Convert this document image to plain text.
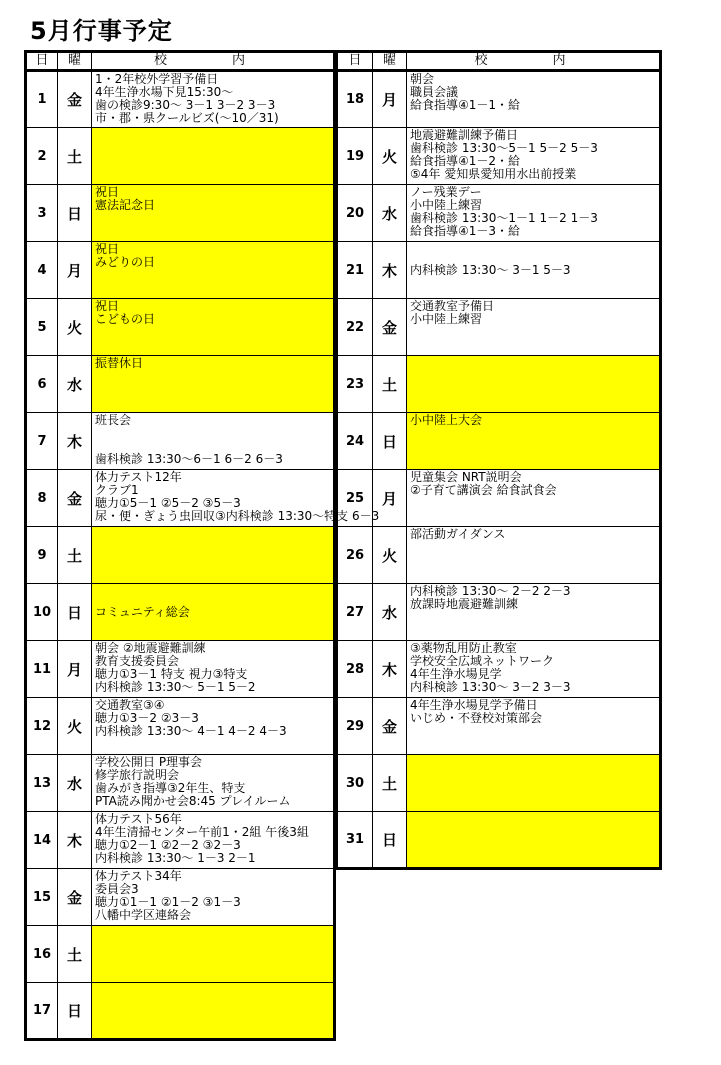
5月行事予定
日	曜	校　内
1	金	1・2年校外学習予備日
4年生浄水場下見15:30～
歯の検診9:30～ 3－1 3－2 3－3
市・郡・県クールビズ(～10／31)

2	土	
3	日	祝日
憲法記念日

4	月	祝日
みどりの日

5	火	祝日
こどもの日

6	水	振替休日

7	木	班長会
歯科検診 13:30～6－1 6－2 6－3

8	金	体力テスト12年
クラブ1
聴力①5－1 ②5－2 ③5－3
尿・便・ぎょう虫回収③内科検診 13:30～特支 6－3

9	土	
10	日	コミュニティ総会

11	月	朝会 ②地震避難訓練
教育支援委員会
聴力①3－1 特支 視力③特支
内科検診 13:30～ 5－1 5－2

12	火	交通教室③④
聴力①3－2 ②3－3
内科検診 13:30～ 4－1 4－2 4－3

13	水	学校公開日 P理事会
修学旅行説明会
歯みがき指導③2年生、特支
PTA読み聞かせ会8:45 プレイルーム

14	木	体力テスト56年
4年生清掃センター午前1・2組 午後3組
聴力①2－1 ②2－2 ③2－3
内科検診 13:30～ 1－3 2－1

15	金	体力テスト34年
委員会3
聴力①1－1 ②1－2 ③1－3
八幡中学区連絡会

16	土	
17	日	
日	曜	校　内
18	月	朝会
職員会議
給食指導④1－1・給

19	火	地震避難訓練予備日
歯科検診 13:30～5－1 5－2 5－3
給食指導④1－2・給
⑤4年 愛知県愛知用水出前授業

20	水	ノー残業デー
小中陸上練習
歯科検診 13:30～1－1 1－2 1－3
給食指導④1－3・給

21	木	内科検診 13:30～ 3－1 5－3

22	金	交通教室予備日
小中陸上練習

23	土	
24	日	小中陸上大会

25	月	児童集会 NRT説明会
②子育て講演会 給食試食会

26	火	部活動ガイダンス

27	水	内科検診 13:30～ 2－2 2－3
放課時地震避難訓練

28	木	③薬物乱用防止教室
学校安全広域ネットワーク
4年生浄水場見学
内科検診 13:30～ 3－2 3－3

29	金	4年生浄水場見学予備日
いじめ・不登校対策部会

30	土	
31	日	
